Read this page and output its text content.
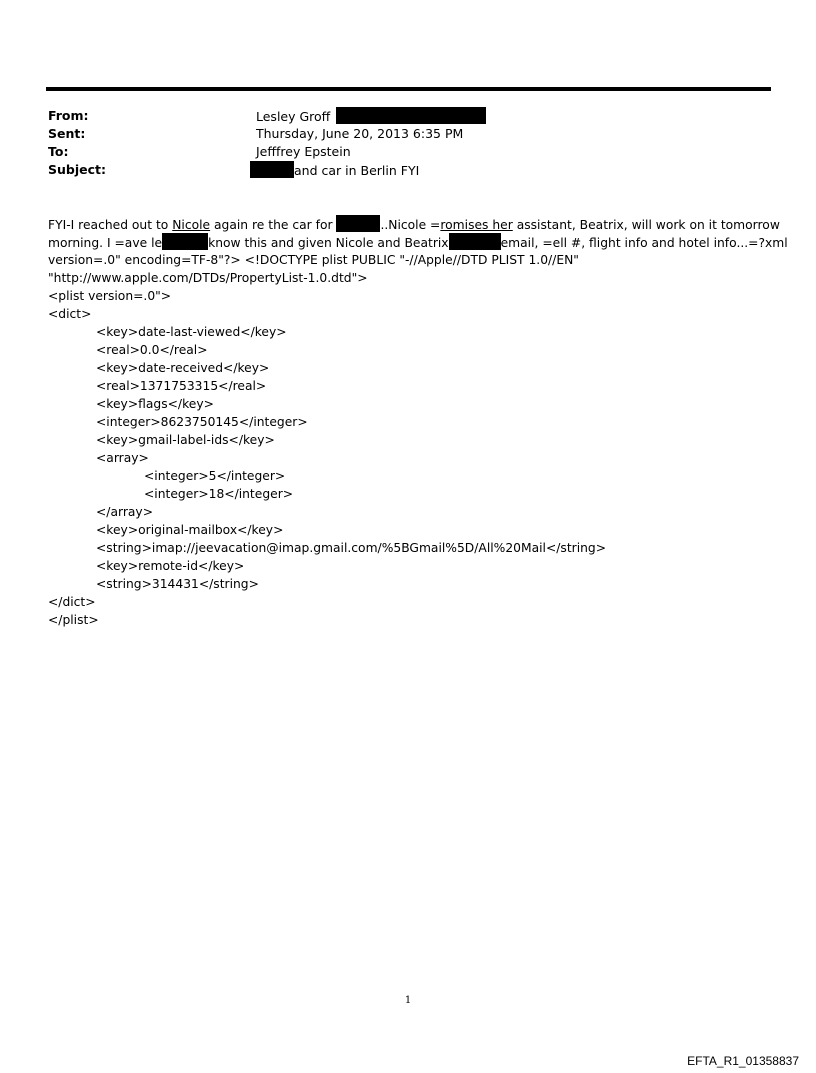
From:	Lesley Groff
Sent:	Thursday, June 20, 2013 6:35 PM
To:	Jefffrey Epstein
Subject:	and car in Berlin FYI
FYI-I reached out to Nicole again re the car for	..Nicole =romises her assistant, Beatrix, will work on it tomorrow
morning. I =ave le	know this and given Nicole and Beatrix	email, =ell #, flight info and hotel info...=?xml
version=.0" encoding=TF-8"?> <!DOCTYPE plist PUBLIC "-//Apple//DTD PLIST 1.0//EN"
"http://www.apple.com/DTDs/PropertyList-1.0.dtd">
<plist version=.0">
<dict>
<key>date-last-viewed</key>
<real>0.0</real>
<key>date-received</key>
<real>1371753315</real>
<key>flags</key>
<integer>8623750145</integer>
<key>gmail-label-ids</key>
<array>
<integer>5</integer>
<integer>18</integer>
</array>
<key>original-mailbox</key>
<string>imap://jeevacation@imap.gmail.com/%5BGmail%5D/All%20Mail</string>
<key>remote-id</key>
<string>314431</string>
</dict>
</plist>
1
EFTA_R1_01358837
